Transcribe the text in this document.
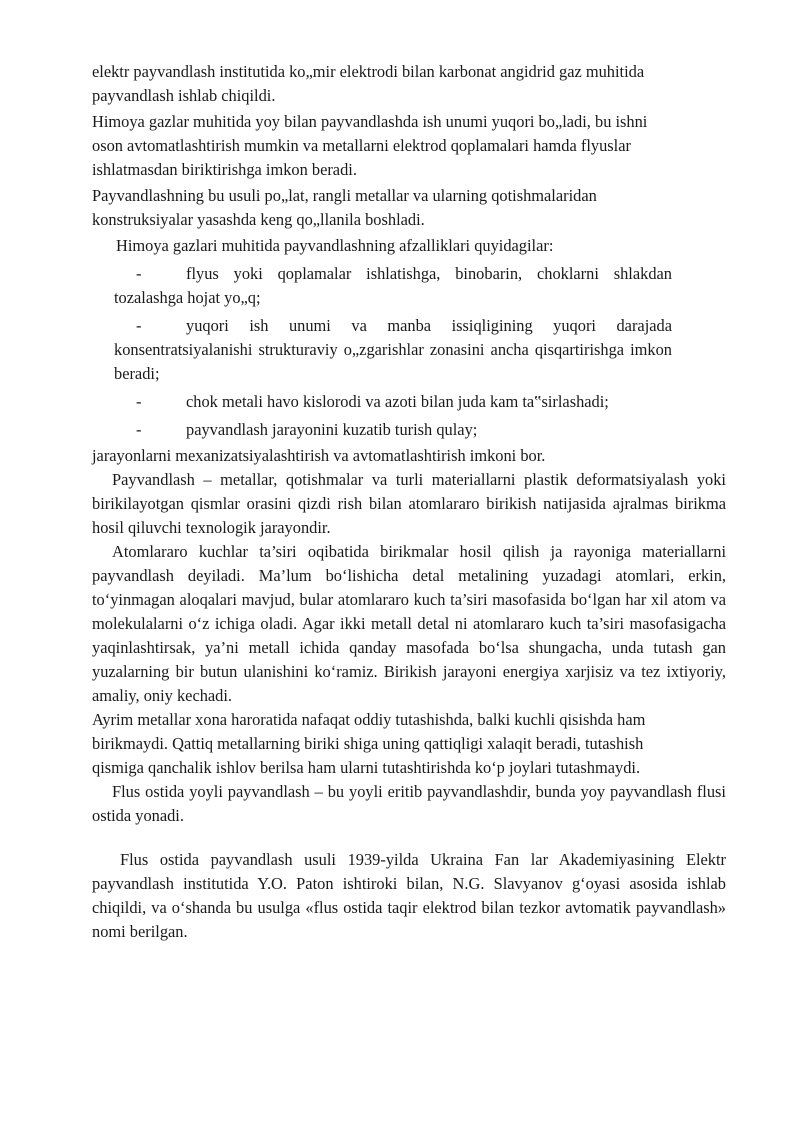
elektr payvandlash institutida ko„mir elektrodi bilan karbonat angidrid gaz muhitida payvandlash ishlab chiqildi.

Himoya gazlar muhitida yoy bilan payvandlashda ish unumi yuqori bo„ladi, bu ishni oson avtomatlashtirish mumkin va metallarni elektrod qoplamalari hamda flyuslar ishlatmasdan biriktirishga imkon beradi.

Payvandlashning bu usuli po„lat, rangli metallar va ularning qotishmalaridan konstruksiyalar yasashda keng qo„llanila boshladi.

Himoya gazlari muhitida payvandlashning afzalliklari quyidagilar:

-	flyus yoki qoplamalar ishlatishga, binobarin, choklarni shlakdan tozalashga hojat yo„q;

-	yuqori ish unumi va manba issiqligining yuqori darajada konsentratsiyalanishi strukturaviy o„zgarishlar zonasini ancha qisqartirishga imkon beradi;

-	chok metali havo kislorodi va azoti bilan juda kam ta‟sirlashadi;

-	payvandlash jarayonini kuzatib turish qulay;

jarayonlarni mexanizatsiyalashtirish va avtomatlashtirish imkoni bor.

Payvandlash – metallar, qotishmalar va turli materiallarni plastik deformatsiyalash yoki birikilayotgan qismlar orasini qizdi rish bilan atomlararo birikish natijasida ajralmas birikma hosil qiluvchi texnologik jarayondir.

Atomlararo kuchlar ta’siri oqibatida birikmalar hosil qilish ja rayoniga materiallarni payvandlash deyiladi. Ma’lum bo‘lishicha detal metalining yuzadagi atomlari, erkin, to‘yinmagan aloqalari mavjud, bular atomlararo kuch ta’siri masofasida bo‘lgan har xil atom va molekulalarni o‘z ichiga oladi. Agar ikki metall detal ni atomlararo kuch ta’siri masofasigacha yaqinlashtirsak, ya’ni metall ichida qanday masofada bo‘lsa shungacha, unda tutash gan yuzalarning bir butun ulanishini ko‘ramiz. Birikish jarayoni energiya xarjisiz va tez ixtiyoriy, amaliy, oniy kechadi.

Ayrim metallar xona haroratida nafaqat oddiy tutashishda, balki kuchli qisishda ham birikmaydi. Qattiq metallarning biriki shiga uning qattiqligi xalaqit beradi, tutashish qismiga qanchalik ishlov berilsa ham ularni tutashtirishda ko‘p joylari tutashmaydi.

Flus ostida yoyli payvandlash – bu yoyli eritib payvandlashdir, bunda yoy payvandlash flusi ostida yonadi.

Flus ostida payvandlash usuli 1939-yilda Ukraina Fan lar Akademiyasining Elektr payvandlash institutida Y.O. Paton ishtiroki bilan, N.G. Slavyanov g‘oyasi asosida ishlab chiqildi, va o‘shanda bu usulga «flus ostida taqir elektrod bilan tezkor avtomatik payvandlash» nomi berilgan.
